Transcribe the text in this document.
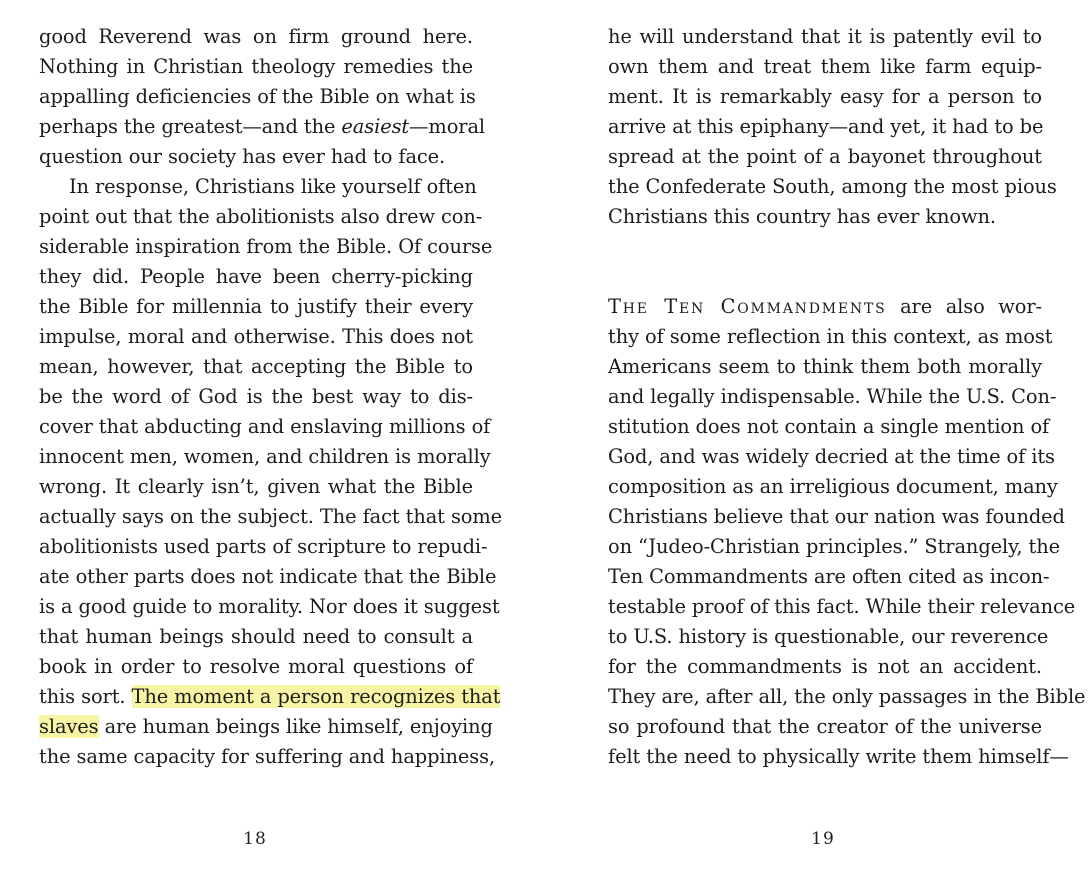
good Reverend was on firm ground here.
Nothing in Christian theology remedies the
appalling deficiencies of the Bible on what is
perhaps the greatest—and the easiest—moral
question our society has ever had to face.
In response, Christians like yourself often
point out that the abolitionists also drew con-
siderable inspiration from the Bible. Of course
they did. People have been cherry-picking
the Bible for millennia to justify their every
impulse, moral and otherwise. This does not
mean, however, that accepting the Bible to
be the word of God is the best way to dis-
cover that abducting and enslaving millions of
innocent men, women, and children is morally
wrong. It clearly isn’t, given what the Bible
actually says on the subject. The fact that some
abolitionists used parts of scripture to repudi-
ate other parts does not indicate that the Bible
is a good guide to morality. Nor does it suggest
that human beings should need to consult a
book in order to resolve moral questions of
this sort. The moment a person recognizes that
slaves are human beings like himself, enjoying
the same capacity for suffering and happiness,
he will understand that it is patently evil to
own them and treat them like farm equip-
ment. It is remarkably easy for a person to
arrive at this epiphany—and yet, it had to be
spread at the point of a bayonet throughout
the Confederate South, among the most pious
Christians this country has ever known.
The Ten Commandments are also wor-
thy of some reflection in this context, as most
Americans seem to think them both morally
and legally indispensable. While the U.S. Con-
stitution does not contain a single mention of
God, and was widely decried at the time of its
composition as an irreligious document, many
Christians believe that our nation was founded
on “Judeo-Christian principles.” Strangely, the
Ten Commandments are often cited as incon-
testable proof of this fact. While their relevance
to U.S. history is questionable, our reverence
for the commandments is not an accident.
They are, after all, the only passages in the Bible
so profound that the creator of the universe
felt the need to physically write them himself—
18	19
